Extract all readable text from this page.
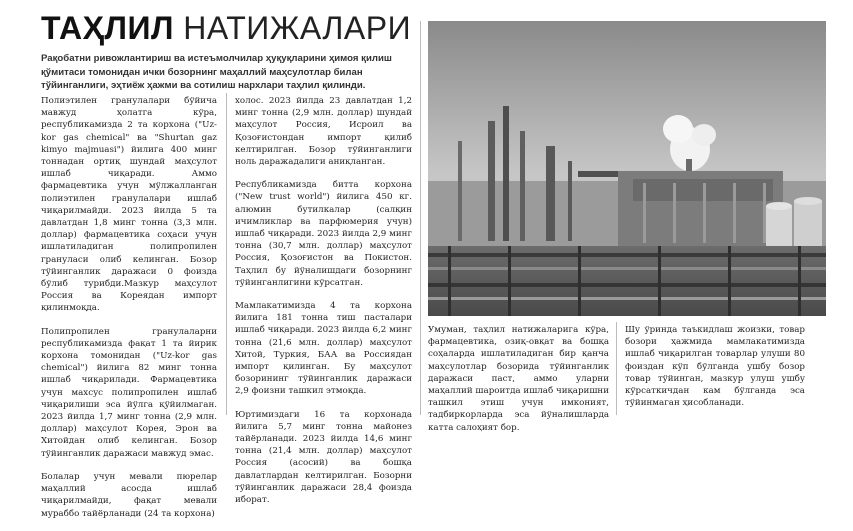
ТАҲЛИЛ НАТИЖАЛАРИ
Рақобатни ривожлантириш ва истеъмолчилар ҳуқуқларини ҳимоя қилиш қўмитаси томонидан ички бозорнинг маҳаллий маҳсулотлар билан тўйинганлиги, эҳтиёж ҳажми ва сотилиш нархлари таҳлил қилинди.

Полиэтилен гранулалари бўйича мавжуд ҳолатга кўра, республикамизда 2 та корхона ("Uz-kor gas chemical" ва "Shurtan gaz kimyo majmuasi") йилига 400 минг тоннадан ортиқ шундай маҳсулот ишлаб чиқаради. Аммо фармацевтика учун мўлжалланган полиэтилен гранулалари ишлаб чиқарилмайди. 2023 йилда 5 та давлатдан 1,8 минг тонна (3,3 млн. доллар) фармацевтика соҳаси учун ишлатиладиган полипропилен гранулаcи олиб келинган. Бозор тўйинганлик даражаси 0 фоизда бўлиб турибди.Мазкур маҳсулот Россия ва Кореядан импорт қилинмоқда.

Полипропилен гранулаларни республикамизда фақат 1 та йирик корхона томонидан ("Uz-kor gas chemical") йилига 82 минг тонна ишлаб чиқарилади. Фармацевтика учун махсус полипропилен ишлаб чиқарилиши эса йўлга қўйилмаган. 2023 йилда 1,7 минг тонна (2,9 млн. доллар) маҳсулот Корея, Эрон ва Хитойдан олиб келинган. Бозор тўйинганлик даражаси мавжуд эмас.

Болалар учун мевали пюрелар маҳаллий асосда ишлаб чиқарилмайди, фақат мевали мураббо тайёрланади (24 та корхона)

холос. 2023 йилда 23 давлатдан 1,2 минг тонна (2,9 млн. доллар) шундай маҳсулот Россия, Исроил ва Қозоғистондан импорт қилиб келтирилган. Бозор тўйинганлиги ноль даражадалиги аниқланган.

Республикамизда битта корхона ("New trust world") йилига 450 кг. алюмин бутилкалар (салқин ичимликлар ва парфюмерия учун) ишлаб чиқаради. 2023 йилда 2,9 минг тонна (30,7 млн. доллар) маҳсулот Россия, Қозоғистон ва Покистон. Таҳлил бу йўналишдаги бозорнинг тўйинганлигини кўрсатган.

Мамлакатимизда 4 та корхона йилига 181 тонна тиш пасталари ишлаб чиқаради. 2023 йилда 6,2 минг тонна (21,6 млн. доллар) маҳсулот Хитой, Туркия, БАА ва Россиядан импорт қилинган. Бу маҳсулот бозорининг тўйинганлик даражаси 2,9 фоизни ташкил этмоқда.

Юртимиздаги 16 та корхонада йилига 5,7 минг тонна майонез тайёрланади. 2023 йилда 14,6 минг тонна (21,4 млн. доллар) маҳсулот Россия (асосий) ва бошқа давлатлардан келтирилган. Бозорни тўйинганлик даражаси 28,4 фоизда иборат.

Умуман, таҳлил натижаларига кўра, фармацевтика, озиқ-овқат ва бошқа соҳаларда ишлатиладиган бир қанча маҳсулотлар бозорида тўйинганлик даражаси паст, аммо уларни маҳаллий шароитда ишлаб чиқаришни ташкил этиш учун имконият, тадбиркорларда эса йўналишларда катта салоҳият бор.

Шу ўринда таъкидлаш жоизки, товар бозори ҳажмида мамлакатимизда ишлаб чиқарилган товарлар улуши 80 фоиздан кўп бўлганда ушбу бозор товар тўйинган, мазкур улуш ушбу кўрсаткичдан кам бўлганда эса тўйинмаган ҳисобланади.
